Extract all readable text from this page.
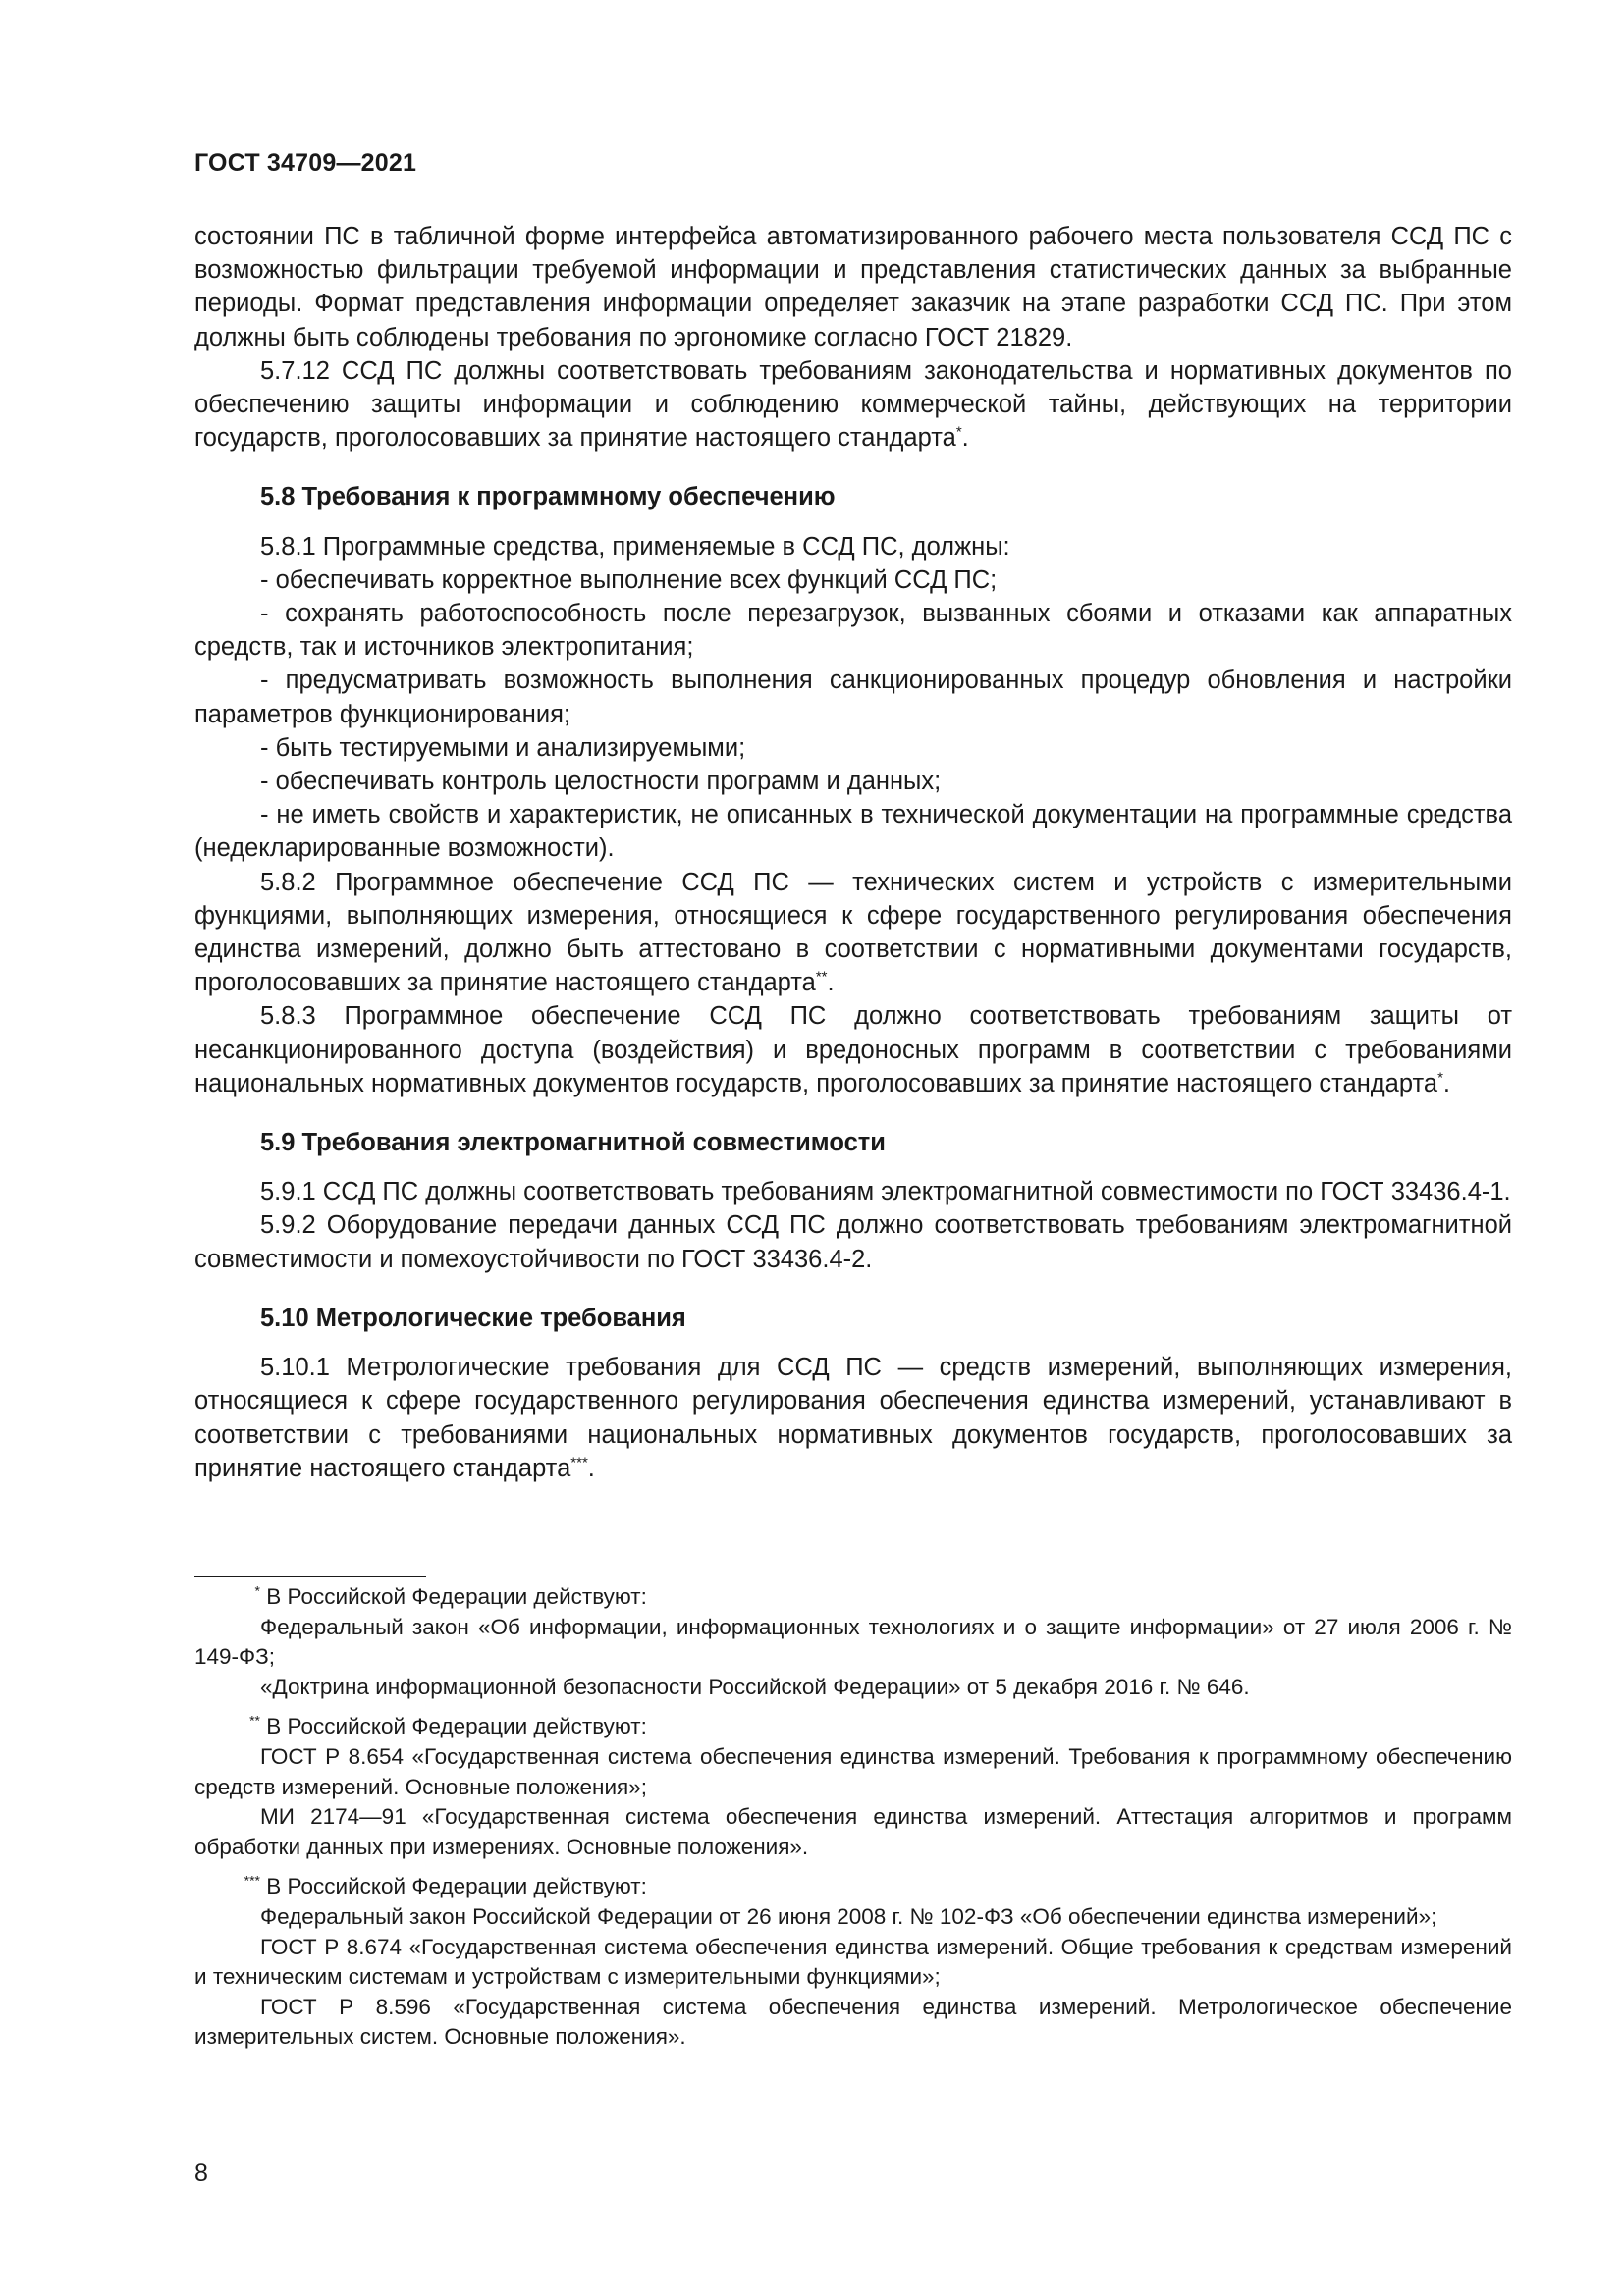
ГОСТ 34709—2021

состоянии ПС в табличной форме интерфейса автоматизированного рабочего места пользователя ССД ПС с возможностью фильтрации требуемой информации и представления статистических данных за выбранные периоды. Формат представления информации определяет заказчик на этапе разработки ССД ПС. При этом должны быть соблюдены требования по эргономике согласно ГОСТ 21829.

5.7.12 ССД ПС должны соответствовать требованиям законодательства и нормативных документов по обеспечению защиты информации и соблюдению коммерческой тайны, действующих на территории государств, проголосовавших за принятие настоящего стандарта*.

5.8 Требования к программному обеспечению

5.8.1 Программные средства, применяемые в ССД ПС, должны:

- обеспечивать корректное выполнение всех функций ССД ПС;

- сохранять работоспособность после перезагрузок, вызванных сбоями и отказами как аппаратных средств, так и источников электропитания;

- предусматривать возможность выполнения санкционированных процедур обновления и настройки параметров функционирования;

- быть тестируемыми и анализируемыми;

- обеспечивать контроль целостности программ и данных;

- не иметь свойств и характеристик, не описанных в технической документации на программные средства (недекларированные возможности).

5.8.2 Программное обеспечение ССД ПС — технических систем и устройств с измерительными функциями, выполняющих измерения, относящиеся к сфере государственного регулирования обеспечения единства измерений, должно быть аттестовано в соответствии с нормативными документами государств, проголосовавших за принятие настоящего стандарта**.

5.8.3 Программное обеспечение ССД ПС должно соответствовать требованиям защиты от несанкционированного доступа (воздействия) и вредоносных программ в соответствии с требованиями национальных нормативных документов государств, проголосовавших за принятие настоящего стандарта*.

5.9 Требования электромагнитной совместимости

5.9.1 ССД ПС должны соответствовать требованиям электромагнитной совместимости по ГОСТ 33436.4-1.

5.9.2 Оборудование передачи данных ССД ПС должно соответствовать требованиям электромагнитной совместимости и помехоустойчивости по ГОСТ 33436.4-2.

5.10 Метрологические требования

5.10.1 Метрологические требования для ССД ПС — средств измерений, выполняющих измерения, относящиеся к сфере государственного регулирования обеспечения единства измерений, устанавливают в соответствии с требованиями национальных нормативных документов государств, проголосовавших за принятие настоящего стандарта***.

* В Российской Федерации действуют:

Федеральный закон «Об информации, информационных технологиях и о защите информации» от 27 июля 2006 г. № 149-ФЗ;

«Доктрина информационной безопасности Российской Федерации» от 5 декабря 2016 г. № 646.

** В Российской Федерации действуют:

ГОСТ Р 8.654 «Государственная система обеспечения единства измерений. Требования к программному обеспечению средств измерений. Основные положения»;

МИ 2174—91 «Государственная система обеспечения единства измерений. Аттестация алгоритмов и программ обработки данных при измерениях. Основные положения».

*** В Российской Федерации действуют:

Федеральный закон Российской Федерации от 26 июня 2008 г. № 102-ФЗ «Об обеспечении единства измерений»;

ГОСТ Р 8.674 «Государственная система обеспечения единства измерений. Общие требования к средствам измерений и техническим системам и устройствам с измерительными функциями»;

ГОСТ Р 8.596 «Государственная система обеспечения единства измерений. Метрологическое обеспечение измерительных систем. Основные положения».

8
